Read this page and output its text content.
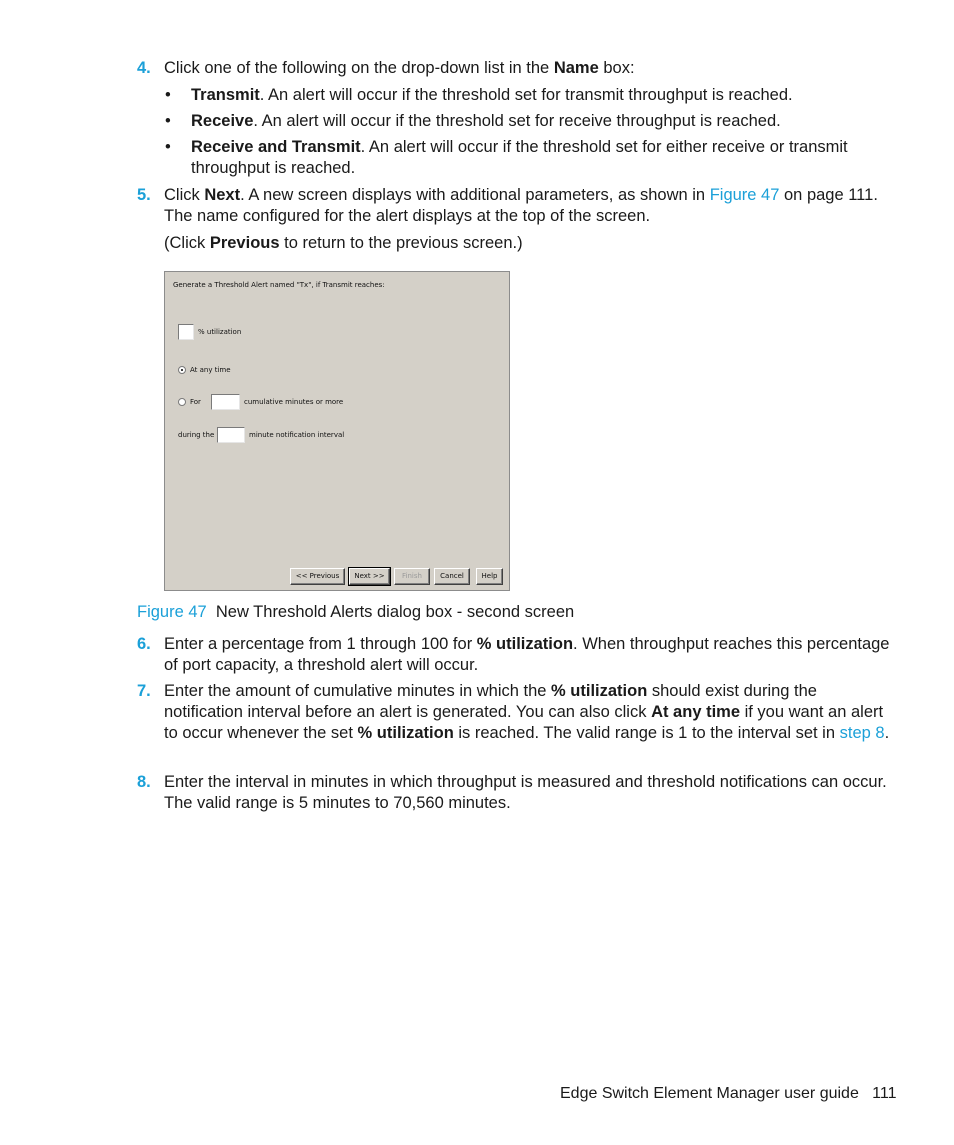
4. Click one of the following on the drop-down list in the Name box:
• Transmit. An alert will occur if the threshold set for transmit throughput is reached.
• Receive. An alert will occur if the threshold set for receive throughput is reached.
• Receive and Transmit. An alert will occur if the threshold set for either receive or transmit throughput is reached.
5. Click Next. A new screen displays with additional parameters, as shown in Figure 47 on page 111. The name configured for the alert displays at the top of the screen.
(Click Previous to return to the previous screen.)
Generate a Threshold Alert named "Tx", if Transmit reaches:
% utilization
At any time
For	cumulative minutes or more
during the	minute notification interval
<< Previous	Next >>	Finish	Cancel	Help
Figure 47 New Threshold Alerts dialog box - second screen
6. Enter a percentage from 1 through 100 for % utilization. When throughput reaches this percentage of port capacity, a threshold alert will occur.
7. Enter the amount of cumulative minutes in which the % utilization should exist during the notification interval before an alert is generated. You can also click At any time if you want an alert to occur whenever the set % utilization is reached. The valid range is 1 to the interval set in step 8.
8. Enter the interval in minutes in which throughput is measured and threshold notifications can occur. The valid range is 5 minutes to 70,560 minutes.
Edge Switch Element Manager user guide   111
